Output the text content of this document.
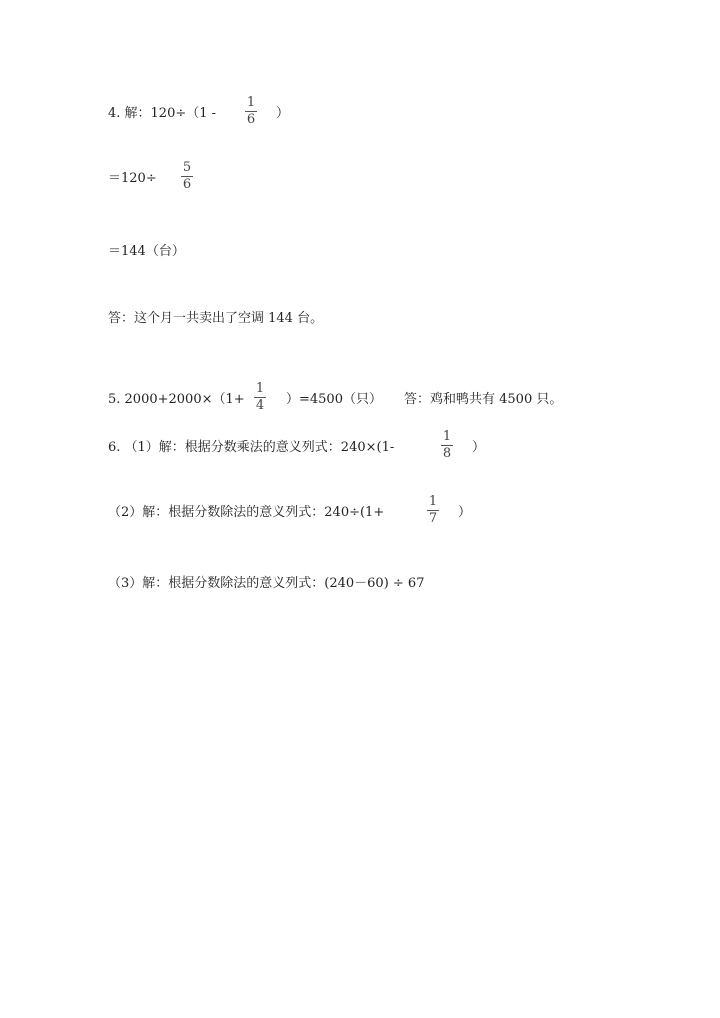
4. 解：120÷（1 -
1
6 ）
＝120÷
5
6
＝144（台）
答：这个月一共卖出了空调 144 台。
5. 2000+2000×（1+
1
4 ）=4500（只） 答：鸡和鸭共有 4500 只。
6. （1）解：根据分数乘法的意义列式：240×(1-
1
8 ）
（2）解：根据分数除法的意义列式：240÷(1+
1
7 ）
（3）解：根据分数除法的意义列式：(240－60) ÷ 67
